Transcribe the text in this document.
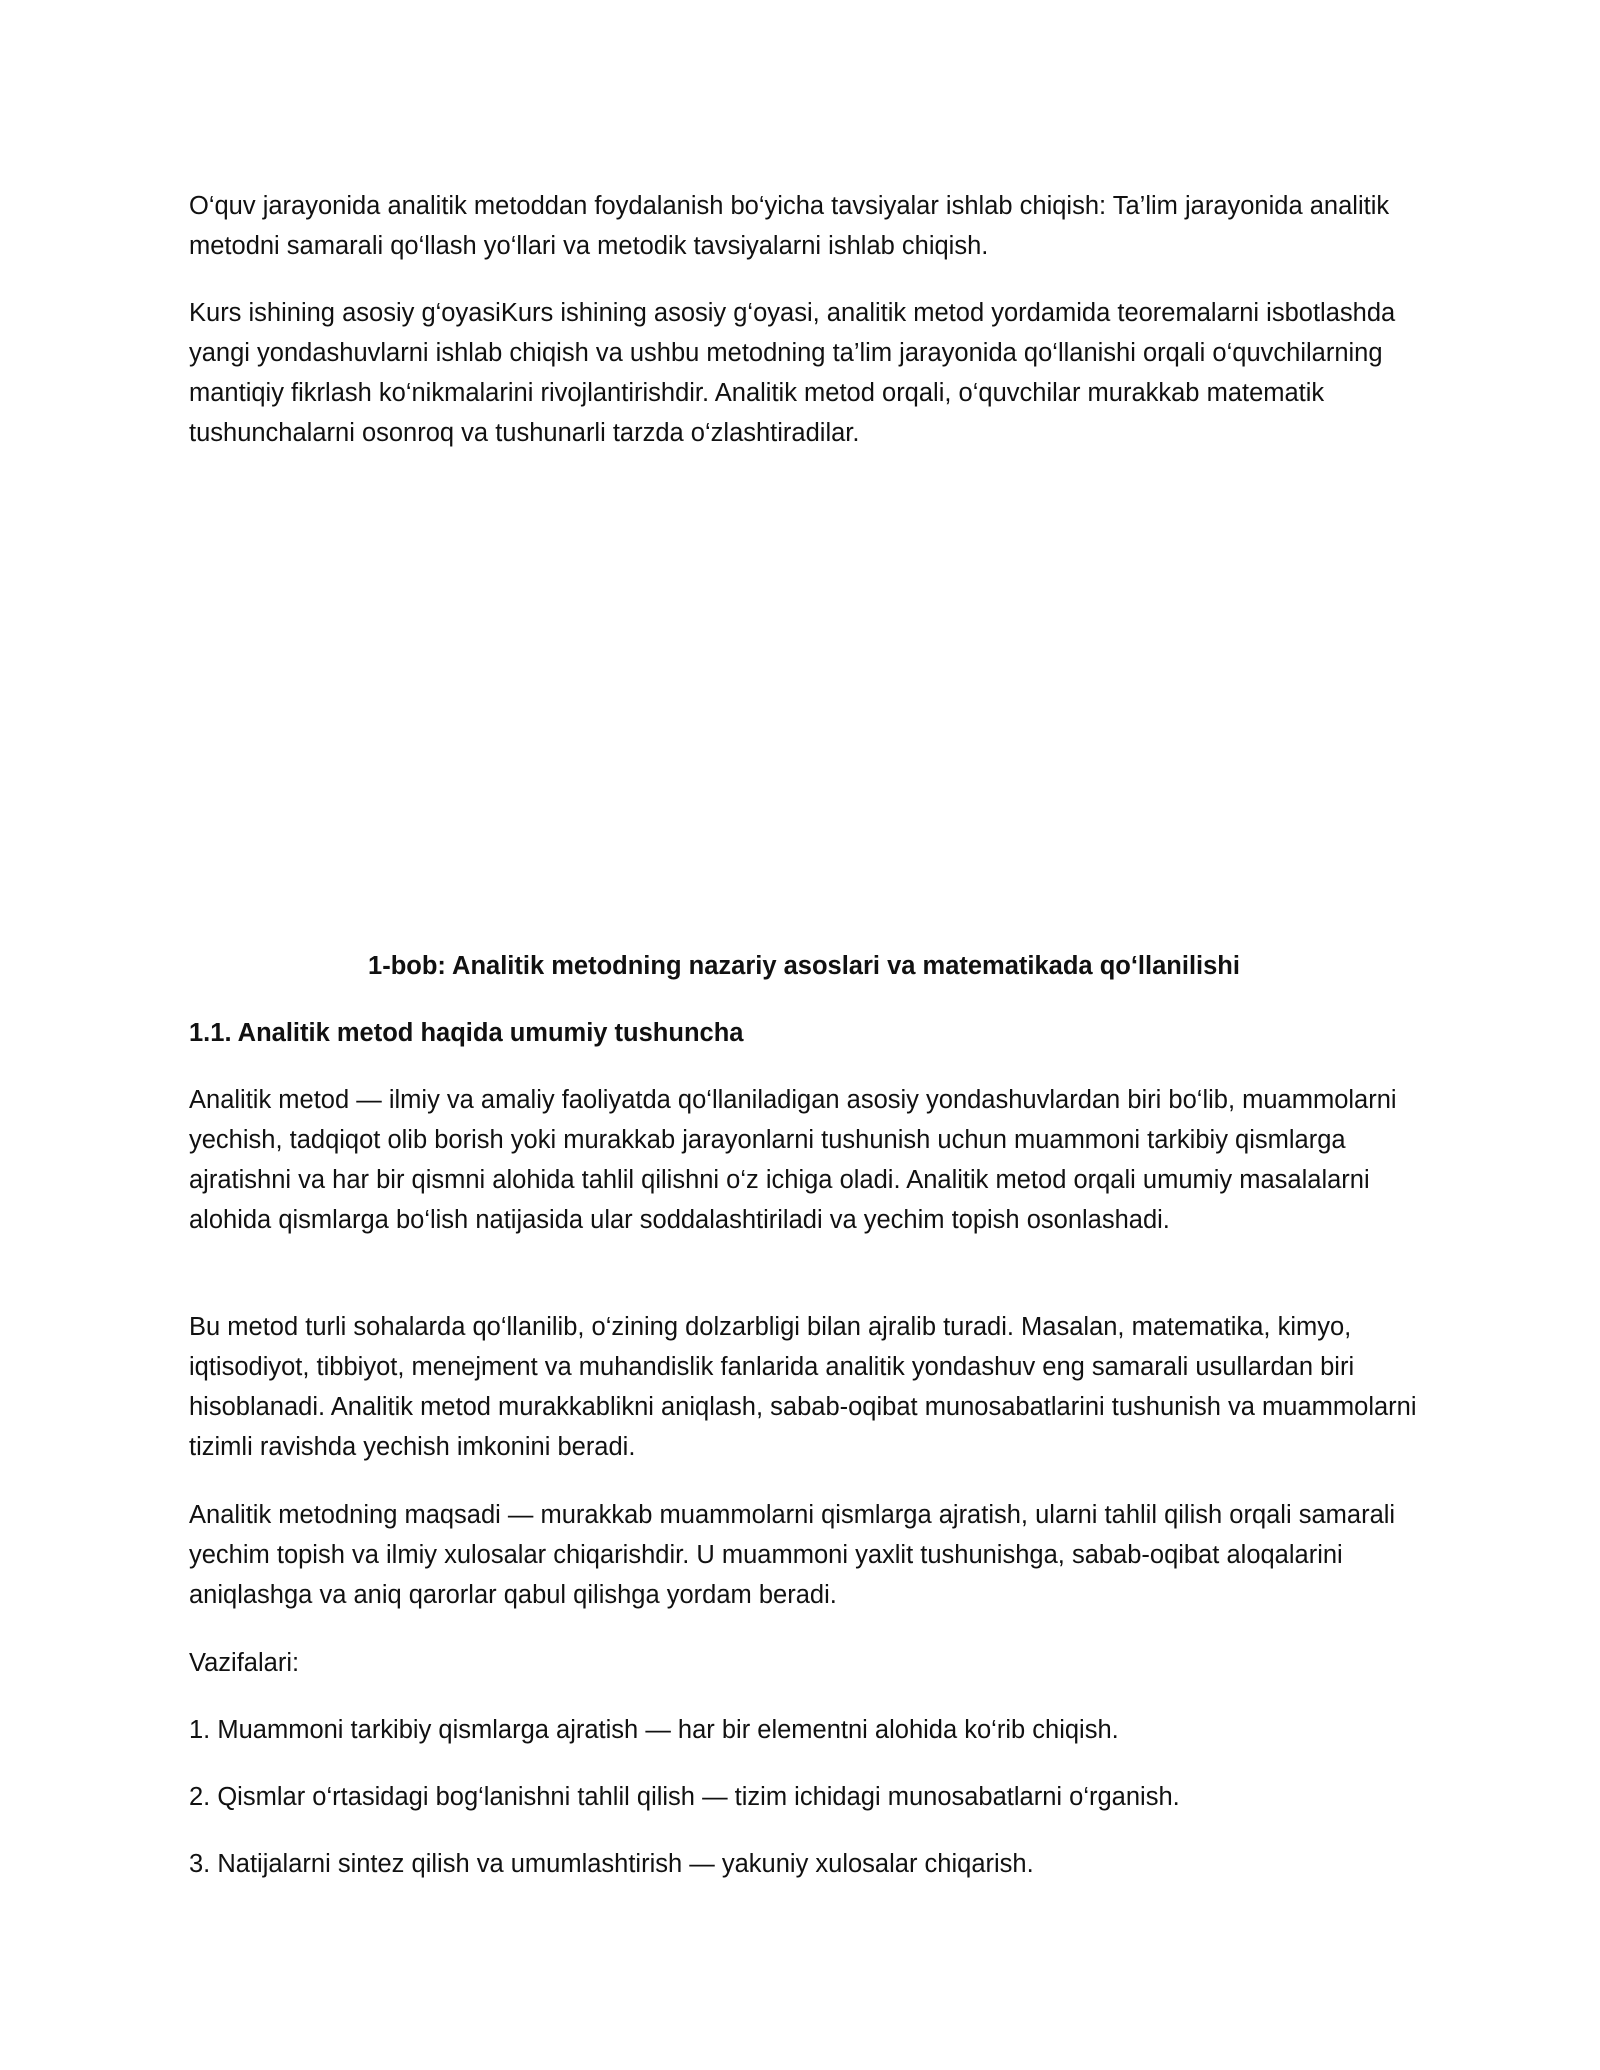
O‘quv jarayonida analitik metoddan foydalanish bo‘yicha tavsiyalar ishlab chiqish: Ta’lim jarayonida analitik metodni samarali qo‘llash yo‘llari va metodik tavsiyalarni ishlab chiqish.

Kurs ishining asosiy g‘oyasiKurs ishining asosiy g‘oyasi, analitik metod yordamida teoremalarni isbotlashda yangi yondashuvlarni ishlab chiqish va ushbu metodning ta’lim jarayonida qo‘llanishi orqali o‘quvchilarning mantiqiy fikrlash ko‘nikmalarini rivojlantirishdir. Analitik metod orqali, o‘quvchilar murakkab matematik tushunchalarni osonroq va tushunarli tarzda o‘zlashtiradilar.

1-bob: Analitik metodning nazariy asoslari va matematikada qo‘llanilishi

1.1. Analitik metod haqida umumiy tushuncha

Analitik metod — ilmiy va amaliy faoliyatda qo‘llaniladigan asosiy yondashuvlardan biri bo‘lib, muammolarni yechish, tadqiqot olib borish yoki murakkab jarayonlarni tushunish uchun muammoni tarkibiy qismlarga ajratishni va har bir qismni alohida tahlil qilishni o‘z ichiga oladi. Analitik metod orqali umumiy masalalarni alohida qismlarga bo‘lish natijasida ular soddalashtiriladi va yechim topish osonlashadi.

Bu metod turli sohalarda qo‘llanilib, o‘zining dolzarbligi bilan ajralib turadi. Masalan, matematika, kimyo, iqtisodiyot, tibbiyot, menejment va muhandislik fanlarida analitik yondashuv eng samarali usullardan biri hisoblanadi. Analitik metod murakkablikni aniqlash, sabab-oqibat munosabatlarini tushunish va muammolarni tizimli ravishda yechish imkonini beradi.

Analitik metodning maqsadi — murakkab muammolarni qismlarga ajratish, ularni tahlil qilish orqali samarali yechim topish va ilmiy xulosalar chiqarishdir. U muammoni yaxlit tushunishga, sabab-oqibat aloqalarini aniqlashga va aniq qarorlar qabul qilishga yordam beradi.

Vazifalari:

1. Muammoni tarkibiy qismlarga ajratish — har bir elementni alohida ko‘rib chiqish.

2. Qismlar o‘rtasidagi bog‘lanishni tahlil qilish — tizim ichidagi munosabatlarni o‘rganish.

3. Natijalarni sintez qilish va umumlashtirish — yakuniy xulosalar chiqarish.
